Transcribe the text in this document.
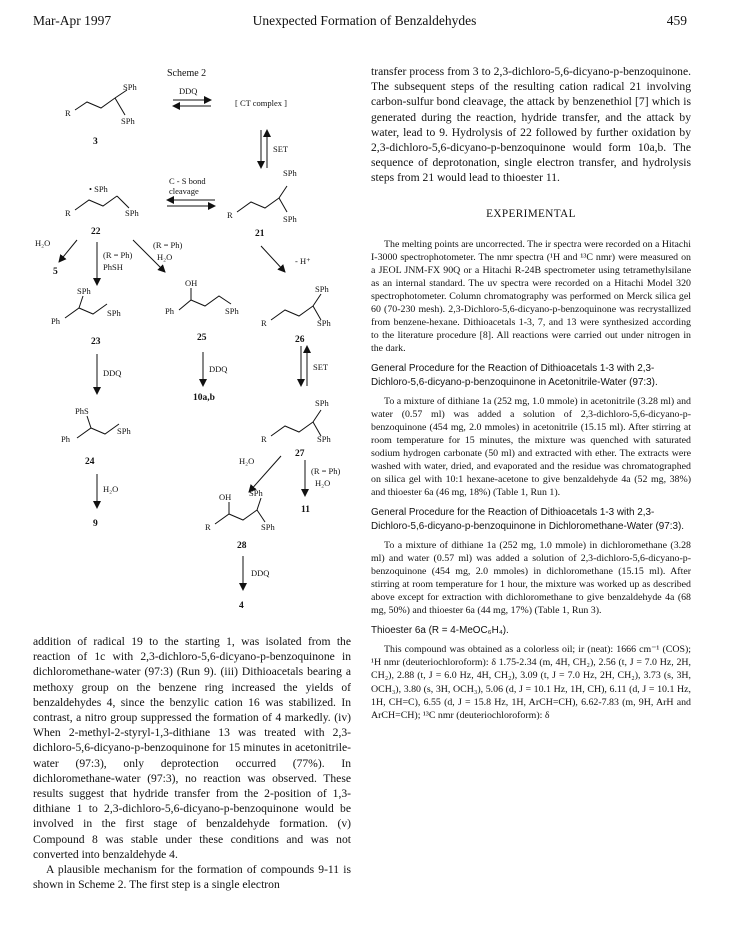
Mar-Apr 1997	Unexpected Formation of Benzaldehydes	459
Scheme 2
R
SPh
SPh
3
DDQ
[ CT complex ]
SET
• SPh
R	SPh
22
C - S bond
cleavage
SPh
R	SPh
21
H₂O
5
(R = Ph)
PhSH
(R = Ph)
H₂O	- H⁺
SPh
Ph
SPh
23
OH
Ph	SPh
25
DDQ
10a,b
SPh
R	SPh
26
SET
DDQ
PhS
Ph
SPh
24
H₂O
9
SPh
R	SPh
27
H₂O
(R = Ph)
H₂O
11
OH SPh
R	SPh
28
DDQ
4

addition of radical 19 to the starting 1, was isolated from the reaction of 1c with 2,3-dichloro-5,6-dicyano-p-benzoquinone in dichloromethane-water (97:3) (Run 9). (iii) Dithioacetals bearing a methoxy group on the benzene ring increased the yields of benzaldehydes 4, since the benzylic cation 16 was stabilized. In contrast, a nitro group suppressed the formation of 4 markedly. (iv) When 2-methyl-2-styryl-1,3-dithiane 13 was treated with 2,3-dichloro-5,6-dicyano-p-benzoquinone for 15 minutes in acetonitrile-water (97:3), only deprotection occurred (77%). In dichloromethane-water (97:3), no reaction was observed. These results suggest that hydride transfer from the 2-position of 1,3-dithiane 1 to 2,3-dichloro-5,6-dicyano-p-benzoquinone would be involved in the first stage of benzaldehyde formation. (v) Compound 8 was stable under these conditions and was not converted into benzaldehyde 4.

A plausible mechanism for the formation of compounds 9-11 is shown in Scheme 2. The first step is a single electron

transfer process from 3 to 2,3-dichloro-5,6-dicyano-p-benzoquinone. The subsequent steps of the resulting cation radical 21 involving carbon-sulfur bond cleavage, the attack by benzenethiol [7] which is generated during the reaction, hydride transfer, and the attack by water, lead to 9. Hydrolysis of 22 followed by further oxidation by 2,3-dichloro-5,6-dicyano-p-benzoquinone would form 10a,b. The sequence of deprotonation, single electron transfer, and hydrolysis steps from 21 would lead to thioester 11.

EXPERIMENTAL

The melting points are uncorrected. The ir spectra were recorded on a Hitachi I-3000 spectrophotometer. The nmr spectra (¹H and ¹³C nmr) were measured on a JEOL JNM-FX 90Q or a Hitachi R-24B spectrometer using tetramethylsilane as an internal standard. The uv spectra were recorded on a Hitachi Model 320 spectrophotometer. Column chromatography was performed on Merck silica gel 60 (70-230 mesh). 2,3-Dichloro-5,6-dicyano-p-benzoquinone was recrystallized from benzene-hexane. Dithioacetals 1-3, 7, and 13 were synthesized according to the literature procedure [8]. All reactions were carried out under nitrogen in the dark.

General Procedure for the Reaction of Dithioacetals 1-3 with 2,3-Dichloro-5,6-dicyano-p-benzoquinone in Acetonitrile-Water (97:3).

To a mixture of dithiane 1a (252 mg, 1.0 mmole) in acetonitrile (3.28 ml) and water (0.57 ml) was added a solution of 2,3-dichloro-5,6-dicyano-p-benzoquinone (454 mg, 2.0 mmoles) in acetonitrile (15.15 ml). After stirring at room temperature for 15 minutes, the mixture was quenched with saturated sodium hydrogen carbonate (50 ml) and extracted with ether. The extracts were washed with water, dried, and evaporated and the residue was chromatographed on silica gel with 10:1 hexane-acetone to give benzaldehyde 4a (52 mg, 38%) and thioester 6a (46 mg, 18%) (Table 1, Run 1).

General Procedure for the Reaction of Dithioacetals 1-3 with 2,3-Dichloro-5,6-dicyano-p-benzoquinone in Dichloromethane-Water (97:3).

To a mixture of dithiane 1a (252 mg, 1.0 mmole) in dichloromethane (3.28 ml) and water (0.57 ml) was added a solution of 2,3-dichloro-5,6-dicyano-p-benzoquinone (454 mg, 2.0 mmoles) in dichloromethane (15.15 ml). After stirring at room temperature for 1 hour, the mixture was worked up as described above except for extraction with dichloromethane to give benzaldehyde 4a (68 mg, 50%) and thioester 6a (44 mg, 17%) (Table 1, Run 3).

Thioester 6a (R = 4-MeOC₆H₄).

This compound was obtained as a colorless oil; ir (neat): 1666 cm⁻¹ (COS); ¹H nmr (deuteriochloroform): δ 1.75-2.34 (m, 4H, CH₂), 2.56 (t, J = 7.0 Hz, 2H, CH₂), 2.88 (t, J = 6.0 Hz, 4H, CH₂), 3.09 (t, J = 7.0 Hz, 2H, CH₂), 3.73 (s, 3H, OCH₃), 3.80 (s, 3H, OCH₃), 5.06 (d, J = 10.1 Hz, 1H, CH), 6.11 (d, J = 10.1 Hz, 1H, CH=C), 6.55 (d, J = 15.8 Hz, 1H, ArCH=CH), 6.62-7.83 (m, 9H, ArH and ArCH=CH); ¹³C nmr (deuteriochloroform): δ
